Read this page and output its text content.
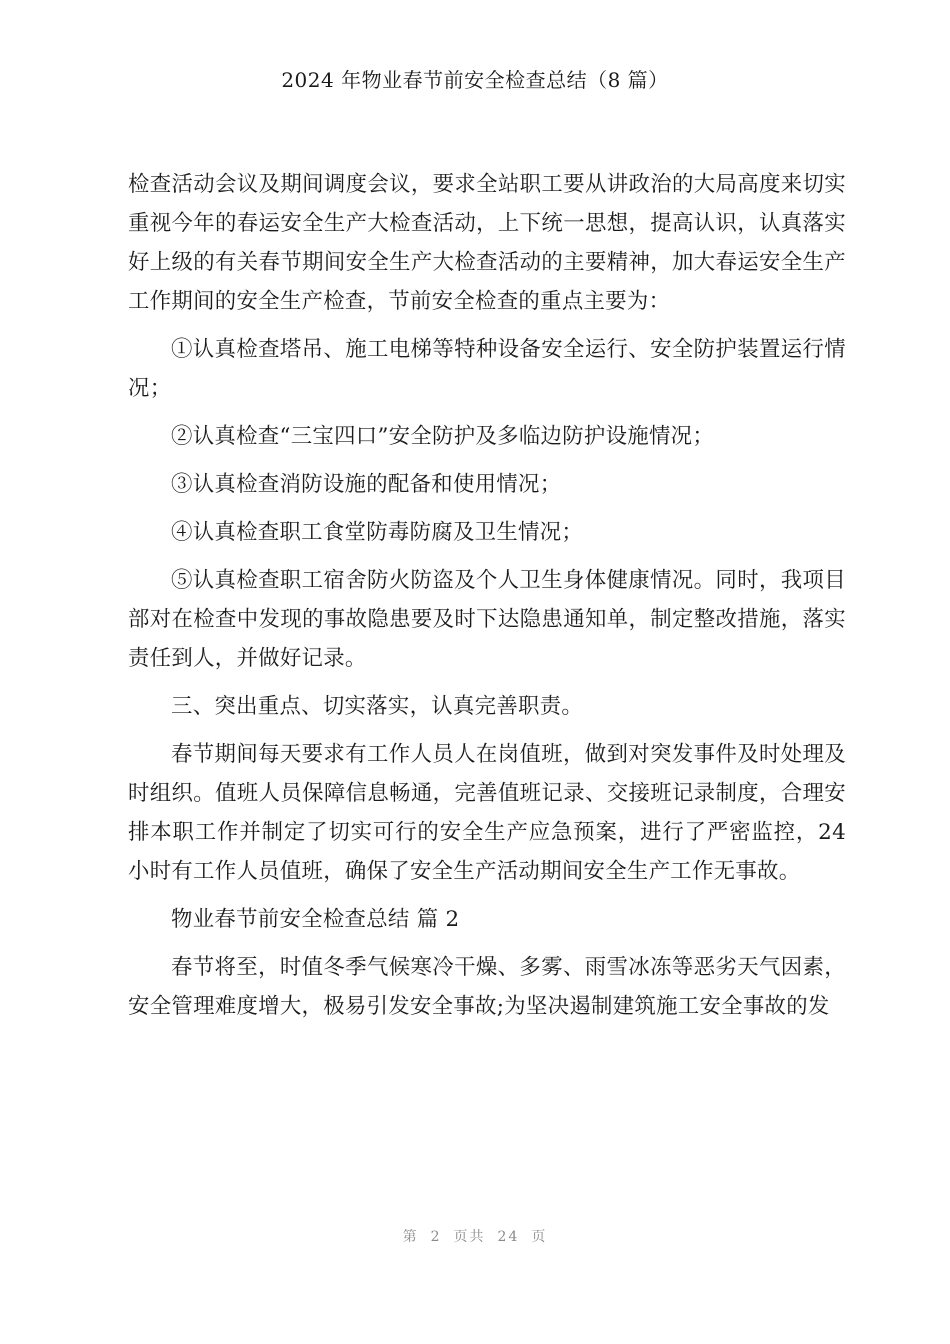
2024 年物业春节前安全检查总结（8 篇）

检查活动会议及期间调度会议，要求全站职工要从讲政治的大局高度来切实重视今年的春运安全生产大检查活动，上下统一思想，提高认识，认真落实好上级的有关春节期间安全生产大检查活动的主要精神，加大春运安全生产工作期间的安全生产检查，节前安全检查的重点主要为：

①认真检查塔吊、施工电梯等特种设备安全运行、安全防护装置运行情况；

②认真检查“三宝四口”安全防护及多临边防护设施情况；

③认真检查消防设施的配备和使用情况；

④认真检查职工食堂防毒防腐及卫生情况；

⑤认真检查职工宿舍防火防盗及个人卫生身体健康情况。同时，我项目部对在检查中发现的事故隐患要及时下达隐患通知单，制定整改措施，落实责任到人，并做好记录。

三、突出重点、切实落实，认真完善职责。

春节期间每天要求有工作人员人在岗值班，做到对突发事件及时处理及时组织。值班人员保障信息畅通，完善值班记录、交接班记录制度，合理安排本职工作并制定了切实可行的安全生产应急预案，进行了严密监控，24 小时有工作人员值班，确保了安全生产活动期间安全生产工作无事故。

物业春节前安全检查总结 篇 2

春节将至，时值冬季气候寒冷干燥、多雾、雨雪冰冻等恶劣天气因素，安全管理难度增大，极易引发安全事故;为坚决遏制建筑施工安全事故的发

第 2 页共 24 页
